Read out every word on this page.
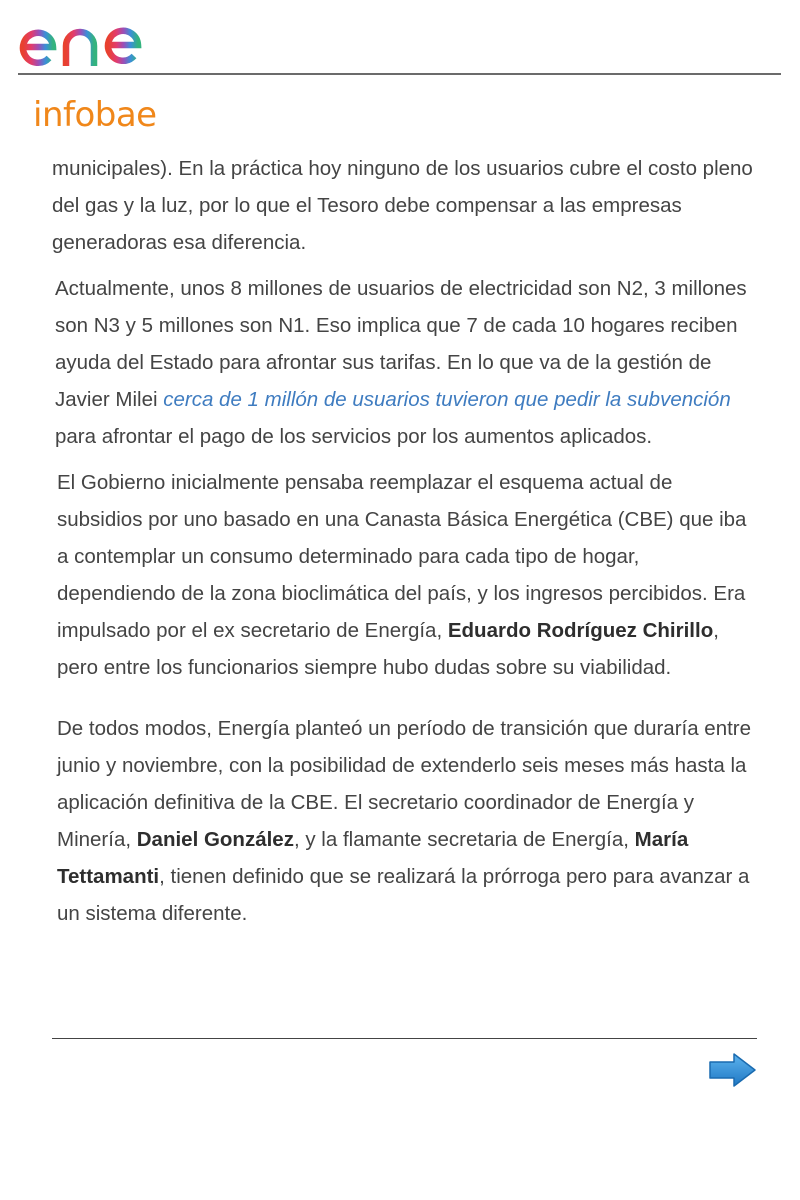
infobae

municipales). En la práctica hoy ninguno de los usuarios cubre el costo pleno del gas y la luz, por lo que el Tesoro debe compensar a las empresas generadoras esa diferencia.

Actualmente, unos 8 millones de usuarios de electricidad son N2, 3 millones son N3 y 5 millones son N1. Eso implica que 7 de cada 10 hogares reciben ayuda del Estado para afrontar sus tarifas. En lo que va de la gestión de Javier Milei cerca de 1 millón de usuarios tuvieron que pedir la subvención para afrontar el pago de los servicios por los aumentos aplicados.

El Gobierno inicialmente pensaba reemplazar el esquema actual de subsidios por uno basado en una Canasta Básica Energética (CBE) que iba a contemplar un consumo determinado para cada tipo de hogar, dependiendo de la zona bioclimática del país, y los ingresos percibidos. Era impulsado por el ex secretario de Energía, Eduardo Rodríguez Chirillo, pero entre los funcionarios siempre hubo dudas sobre su viabilidad.

De todos modos, Energía planteó un período de transición que duraría entre junio y noviembre, con la posibilidad de extenderlo seis meses más hasta la aplicación definitiva de la CBE. El secretario coordinador de Energía y Minería, Daniel González, y la flamante secretaria de Energía, María Tettamanti, tienen definido que se realizará la prórroga pero para avanzar a un sistema diferente.
